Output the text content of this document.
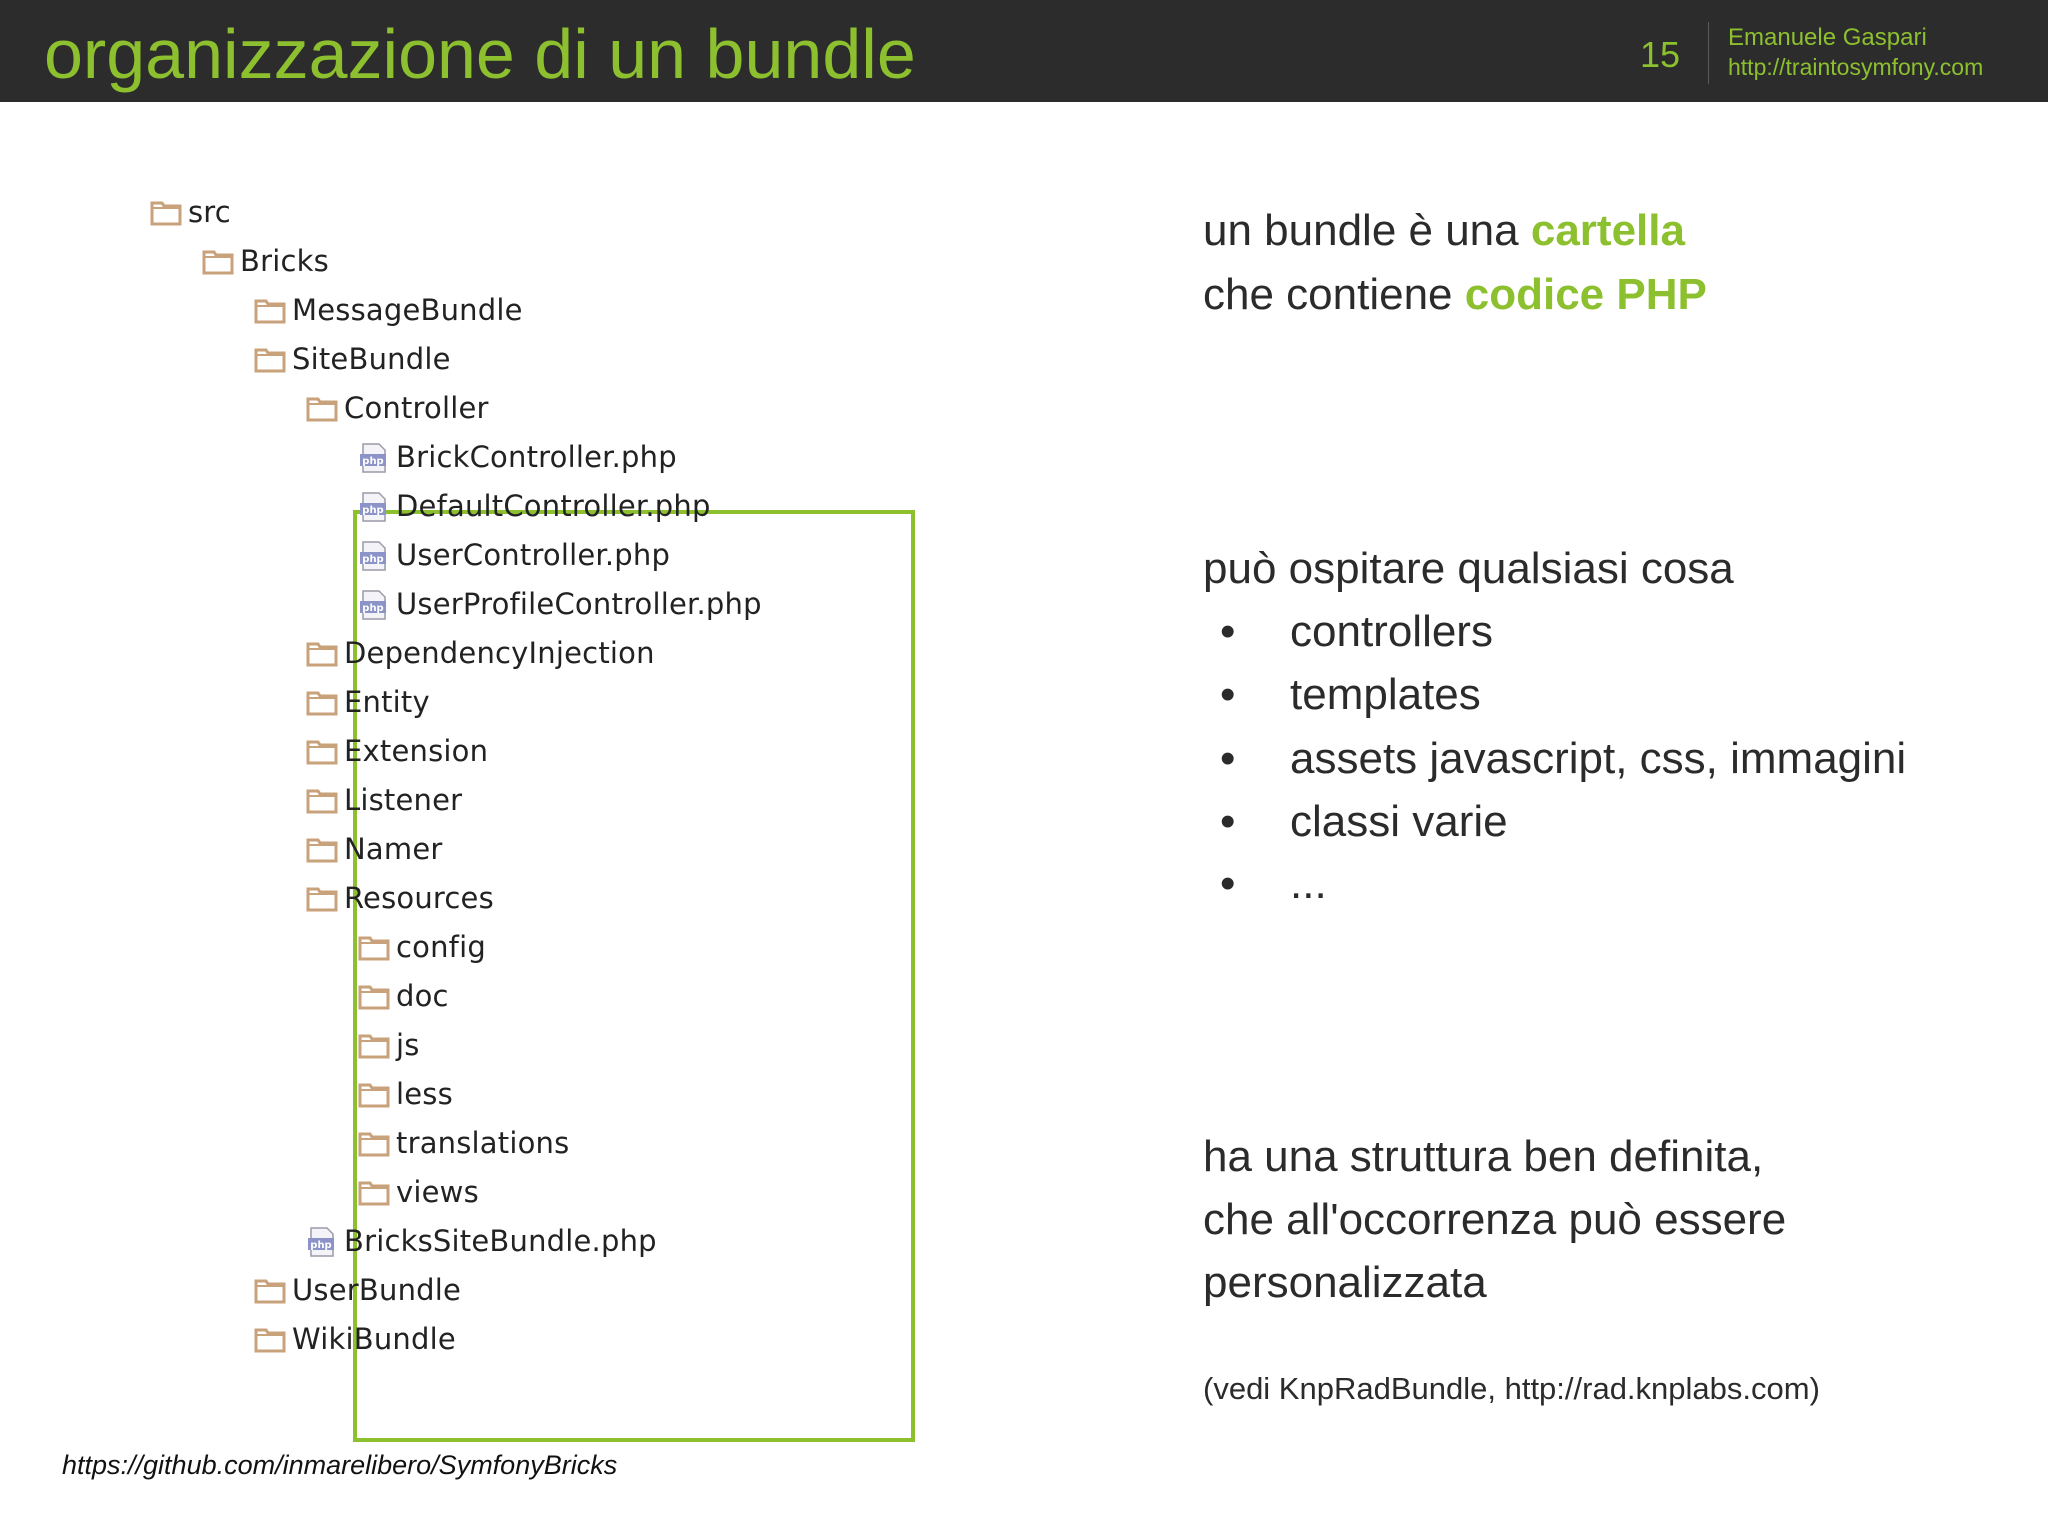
organizzazione di un bundle	15 Emanuele Gaspari
http://traintosymfony.com
src
Bricks
MessageBundle
SiteBundle
Controller
php BrickController.php
php DefaultController.php
php UserController.php
php UserProfileController.php
DependencyInjection
Entity
Extension
Listener
Namer
Resources
config
doc
js
less
translations
views
php BricksSiteBundle.php
UserBundle
WikiBundle
https://github.com/inmarelibero/SymfonyBricks
un bundle è una cartella
che contiene codice PHP
può ospitare qualsiasi cosa
• controllers
• templates
• assets javascript, css, immagini
• classi varie
• ...
ha una struttura ben definita,
che all'occorrenza può essere
personalizzata
(vedi KnpRadBundle, http://rad.knplabs.com)
